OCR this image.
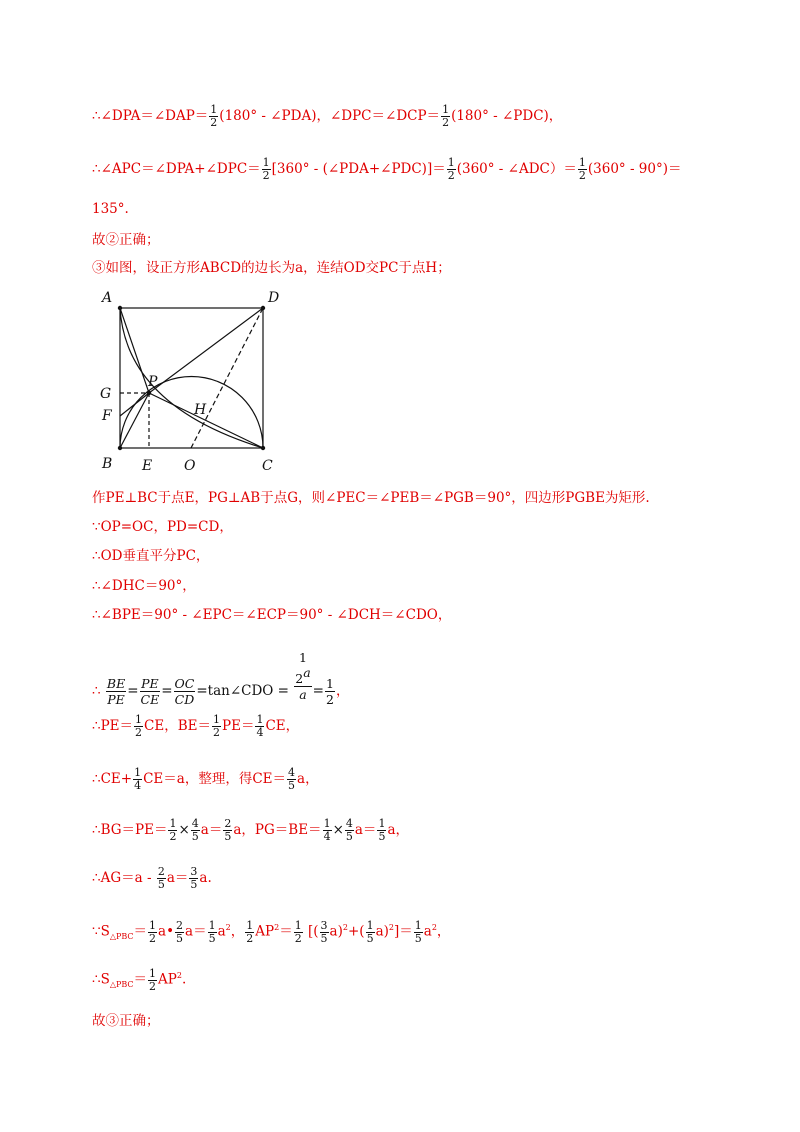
∴∠DPA＝∠DAP＝ $\frac{1}{2} (180^\circ$ - ∠PDA)，∠DPC＝∠DCP＝ $\frac{1}{2} (180^\circ$ - ∠PDC)，
∴∠APC＝∠DPA+∠DPC＝ $\frac{1}{2} [360^\circ$ - (∠PDA+∠PDC)]＝ $\frac{1}{2} (360^\circ$ - ∠ADC）＝ $\frac{1}{2} (360^\circ - 90^\circ)=$
135°.
故②正确；
③如图，设正方形ABCD的边长为a，连结OD交PC于点H；
A	D
G
P
F	H
B E O	C
作PE⊥BC于点E，PG⊥AB于点G，则∠PEC＝∠PEB＝∠PGB＝90°，四边形PGBE为矩形.
∵OP=OC，PD=CD，
∴OD垂直平分PC，
∴∠DHC＝90°，
∴∠BPE＝90° - ∠EPC＝∠ECP＝90° - ∠DCH＝∠CDO，
∴ $\frac{BE}{PE} = \frac{PE}{CE} = \frac{OC}{CD}$ =tan∠CDO =
1
2a
$a = \frac{1}{2}$ ，
∴PE＝ $\frac{1}{2}$ CE，$BE= \frac{1}{2} PE= \frac{1}{4}$ CE，
∴CE+ $\frac{1}{4} CE=a$，整理，得$CE= \frac{4}{5}$ a，
∴BG＝PE＝ $\frac{1}{2} \times \frac{4}{5} a= \frac{2}{5}$ a，$PG=BE= \frac{1}{4} \times \frac{4}{5} a= \frac{1}{5}$ a，
∴AG＝a - $\frac{2}{5} a= \frac{3}{5} a$.
$\because S_{\triangle PBC}= \frac{1}{2}$ a• $\frac{2}{5} a= \frac{1}{5} a^2$， $\frac{1}{2} AP^2= \frac{1}{2}$ [( $\frac{3}{5} a)^2+( \frac{1}{5} a)^2]= \frac{1}{5} a^2$，
$\therefore S_{\triangle PBC}= \frac{1}{2} AP^2$.
故③正确；
